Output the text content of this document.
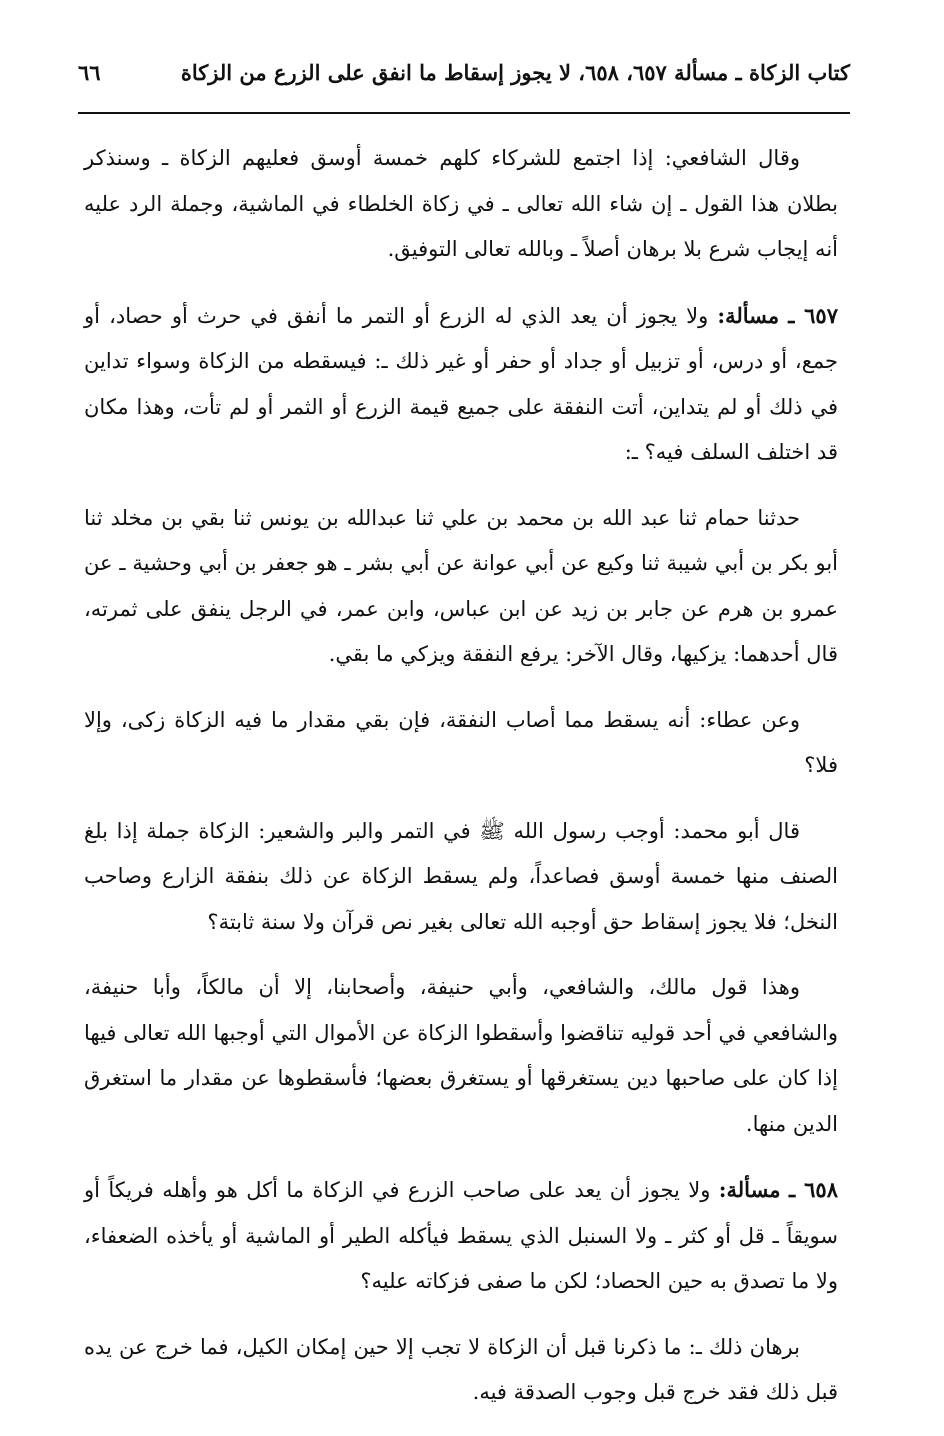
كتاب الزكاة ـ مسألة ٦٥٧، ٦٥٨، لا يجوز إسقاط ما انفق على الزرع من الزكاة
٦٦

وقال الشافعي: إذا اجتمع للشركاء كلهم خمسة أوسق فعليهم الزكاة ـ وسنذكر بطلان هذا القول ـ إن شاء الله تعالى ـ في زكاة الخلطاء في الماشية، وجملة الرد عليه أنه إيجاب شرع بلا برهان أصلاً ـ وبالله تعالى التوفيق.

٦٥٧ ـ مسألة: ولا يجوز أن يعد الذي له الزرع أو التمر ما أنفق في حرث أو حصاد، أو جمع، أو درس، أو تزبيل أو جداد أو حفر أو غير ذلك ـ: فيسقطه من الزكاة وسواء تداين في ذلك أو لم يتداين، أتت النفقة على جميع قيمة الزرع أو الثمر أو لم تأت، وهذا مكان قد اختلف السلف فيه؟ ـ:

حدثنا حمام ثنا عبد الله بن محمد بن علي ثنا عبدالله بن يونس ثنا بقي بن مخلد ثنا أبو بكر بن أبي شيبة ثنا وكيع عن أبي عوانة عن أبي بشر ـ هو جعفر بن أبي وحشية ـ عن عمرو بن هرم عن جابر بن زيد عن ابن عباس، وابن عمر، في الرجل ينفق على ثمرته، قال أحدهما: يزكيها، وقال الآخر: يرفع النفقة ويزكي ما بقي.

وعن عطاء: أنه يسقط مما أصاب النفقة، فإن بقي مقدار ما فيه الزكاة زكى، وإلا فلا؟

قال أبو محمد: أوجب رسول الله ﷺ في التمر والبر والشعير: الزكاة جملة إذا بلغ الصنف منها خمسة أوسق فصاعداً، ولم يسقط الزكاة عن ذلك بنفقة الزارع وصاحب النخل؛ فلا يجوز إسقاط حق أوجبه الله تعالى بغير نص قرآن ولا سنة ثابتة؟

وهذا قول مالك، والشافعي، وأبي حنيفة، وأصحابنا، إلا أن مالكاً، وأبا حنيفة، والشافعي في أحد قوليه تناقضوا وأسقطوا الزكاة عن الأموال التي أوجبها الله تعالى فيها إذا كان على صاحبها دين يستغرقها أو يستغرق بعضها؛ فأسقطوها عن مقدار ما استغرق الدين منها.

٦٥٨ ـ مسألة: ولا يجوز أن يعد على صاحب الزرع في الزكاة ما أكل هو وأهله فريكاً أو سويقاً ـ قل أو كثر ـ ولا السنبل الذي يسقط فيأكله الطير أو الماشية أو يأخذه الضعفاء، ولا ما تصدق به حين الحصاد؛ لكن ما صفى فزكاته عليه؟

برهان ذلك ـ: ما ذكرنا قبل أن الزكاة لا تجب إلا حين إمكان الكيل، فما خرج عن يده قبل ذلك فقد خرج قبل وجوب الصدقة فيه.
